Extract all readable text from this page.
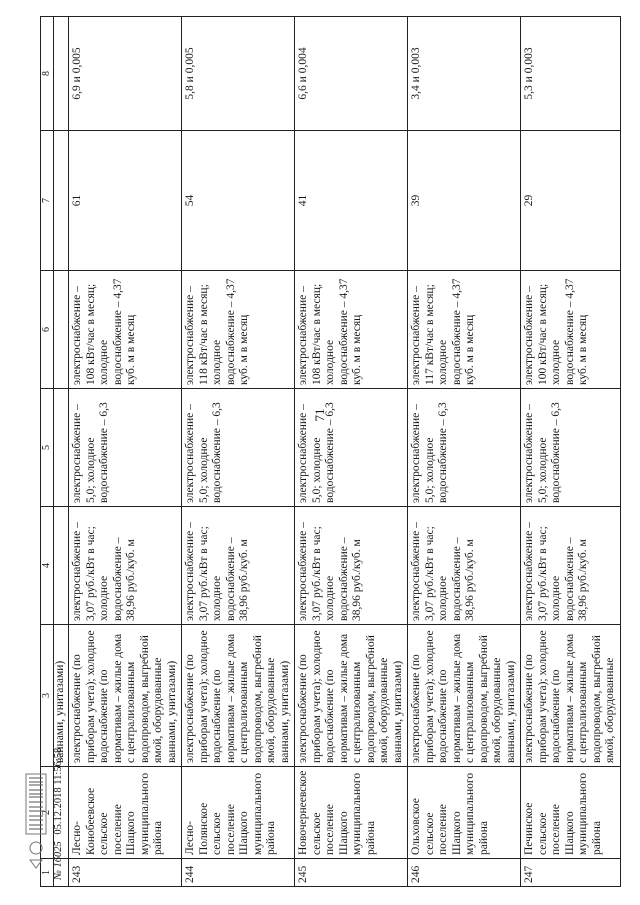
71
1	2	3	4	5	6	7	8
		ваннами, унитазами)					
243	Лесно-Конобеевское сельское поселение Шацкого муниципального района	электроснабжение (по приборам учета); холодное водоснабжение (по нормативам – жилые дома с централизованным водопроводом, выгребной ямой, оборудованные ваннами, унитазами)	электроснабжение – 3,07 руб./кВт в час; холодное водоснабжение – 38,96 руб./куб. м	электроснабжение – 5,0; холодное водоснабжение – 6,3	электроснабжение – 108 кВт/час в месяц; холодное водоснабжение – 4,37 куб. м в месяц	61	6,9 и 0,005
244	Лесно-Полянское сельское поселение Шацкого муниципального района	электроснабжение (по приборам учета); холодное водоснабжение (по нормативам – жилые дома с централизованным водопроводом, выгребной ямой, оборудованные ваннами, унитазами)	электроснабжение – 3,07 руб./кВт в час; холодное водоснабжение – 38,96 руб./куб. м	электроснабжение – 5,0; холодное водоснабжение – 6,3	электроснабжение – 118 кВт/час в месяц; холодное водоснабжение – 4,37 куб. м в месяц	54	5,8 и 0,005
245	Новочернеевское сельское поселение Шацкого муниципального района	электроснабжение (по приборам учета); холодное водоснабжение (по нормативам – жилые дома с централизованным водопроводом, выгребной ямой, оборудованные ваннами, унитазами)	электроснабжение – 3,07 руб./кВт в час; холодное водоснабжение – 38,96 руб./куб. м	электроснабжение – 5,0; холодное водоснабжение – 6,3	электроснабжение – 108 кВт/час в месяц; холодное водоснабжение – 4,37 куб. м в месяц	41	6,6 и 0,004
246	Ольховское сельское поселение Шацкого муниципального района	электроснабжение (по приборам учета); холодное водоснабжение (по нормативам – жилые дома с централизованным водопроводом, выгребной ямой, оборудованные ваннами, унитазами)	электроснабжение – 3,07 руб./кВт в час; холодное водоснабжение – 38,96 руб./куб. м	электроснабжение – 5,0; холодное водоснабжение – 6,3	электроснабжение – 117 кВт/час в месяц; холодное водоснабжение – 4,37 куб. м в месяц	39	3,4 и 0,003
247	Печинское сельское поселение Шацкого муниципального района	электроснабжение (по приборам учета); холодное водоснабжение (по нормативам – жилые дома с централизованным водопроводом, выгребной ямой, оборудованные	электроснабжение – 3,07 руб./кВт в час; холодное водоснабжение – 38,96 руб./куб. м	электроснабжение – 5,0; холодное водоснабжение – 6,3	электроснабжение – 100 кВт/час в месяц; холодное водоснабжение – 4,37 куб. м в месяц	29	5,3 и 0,003
№ 16025 05.12.2018 11:56:58
